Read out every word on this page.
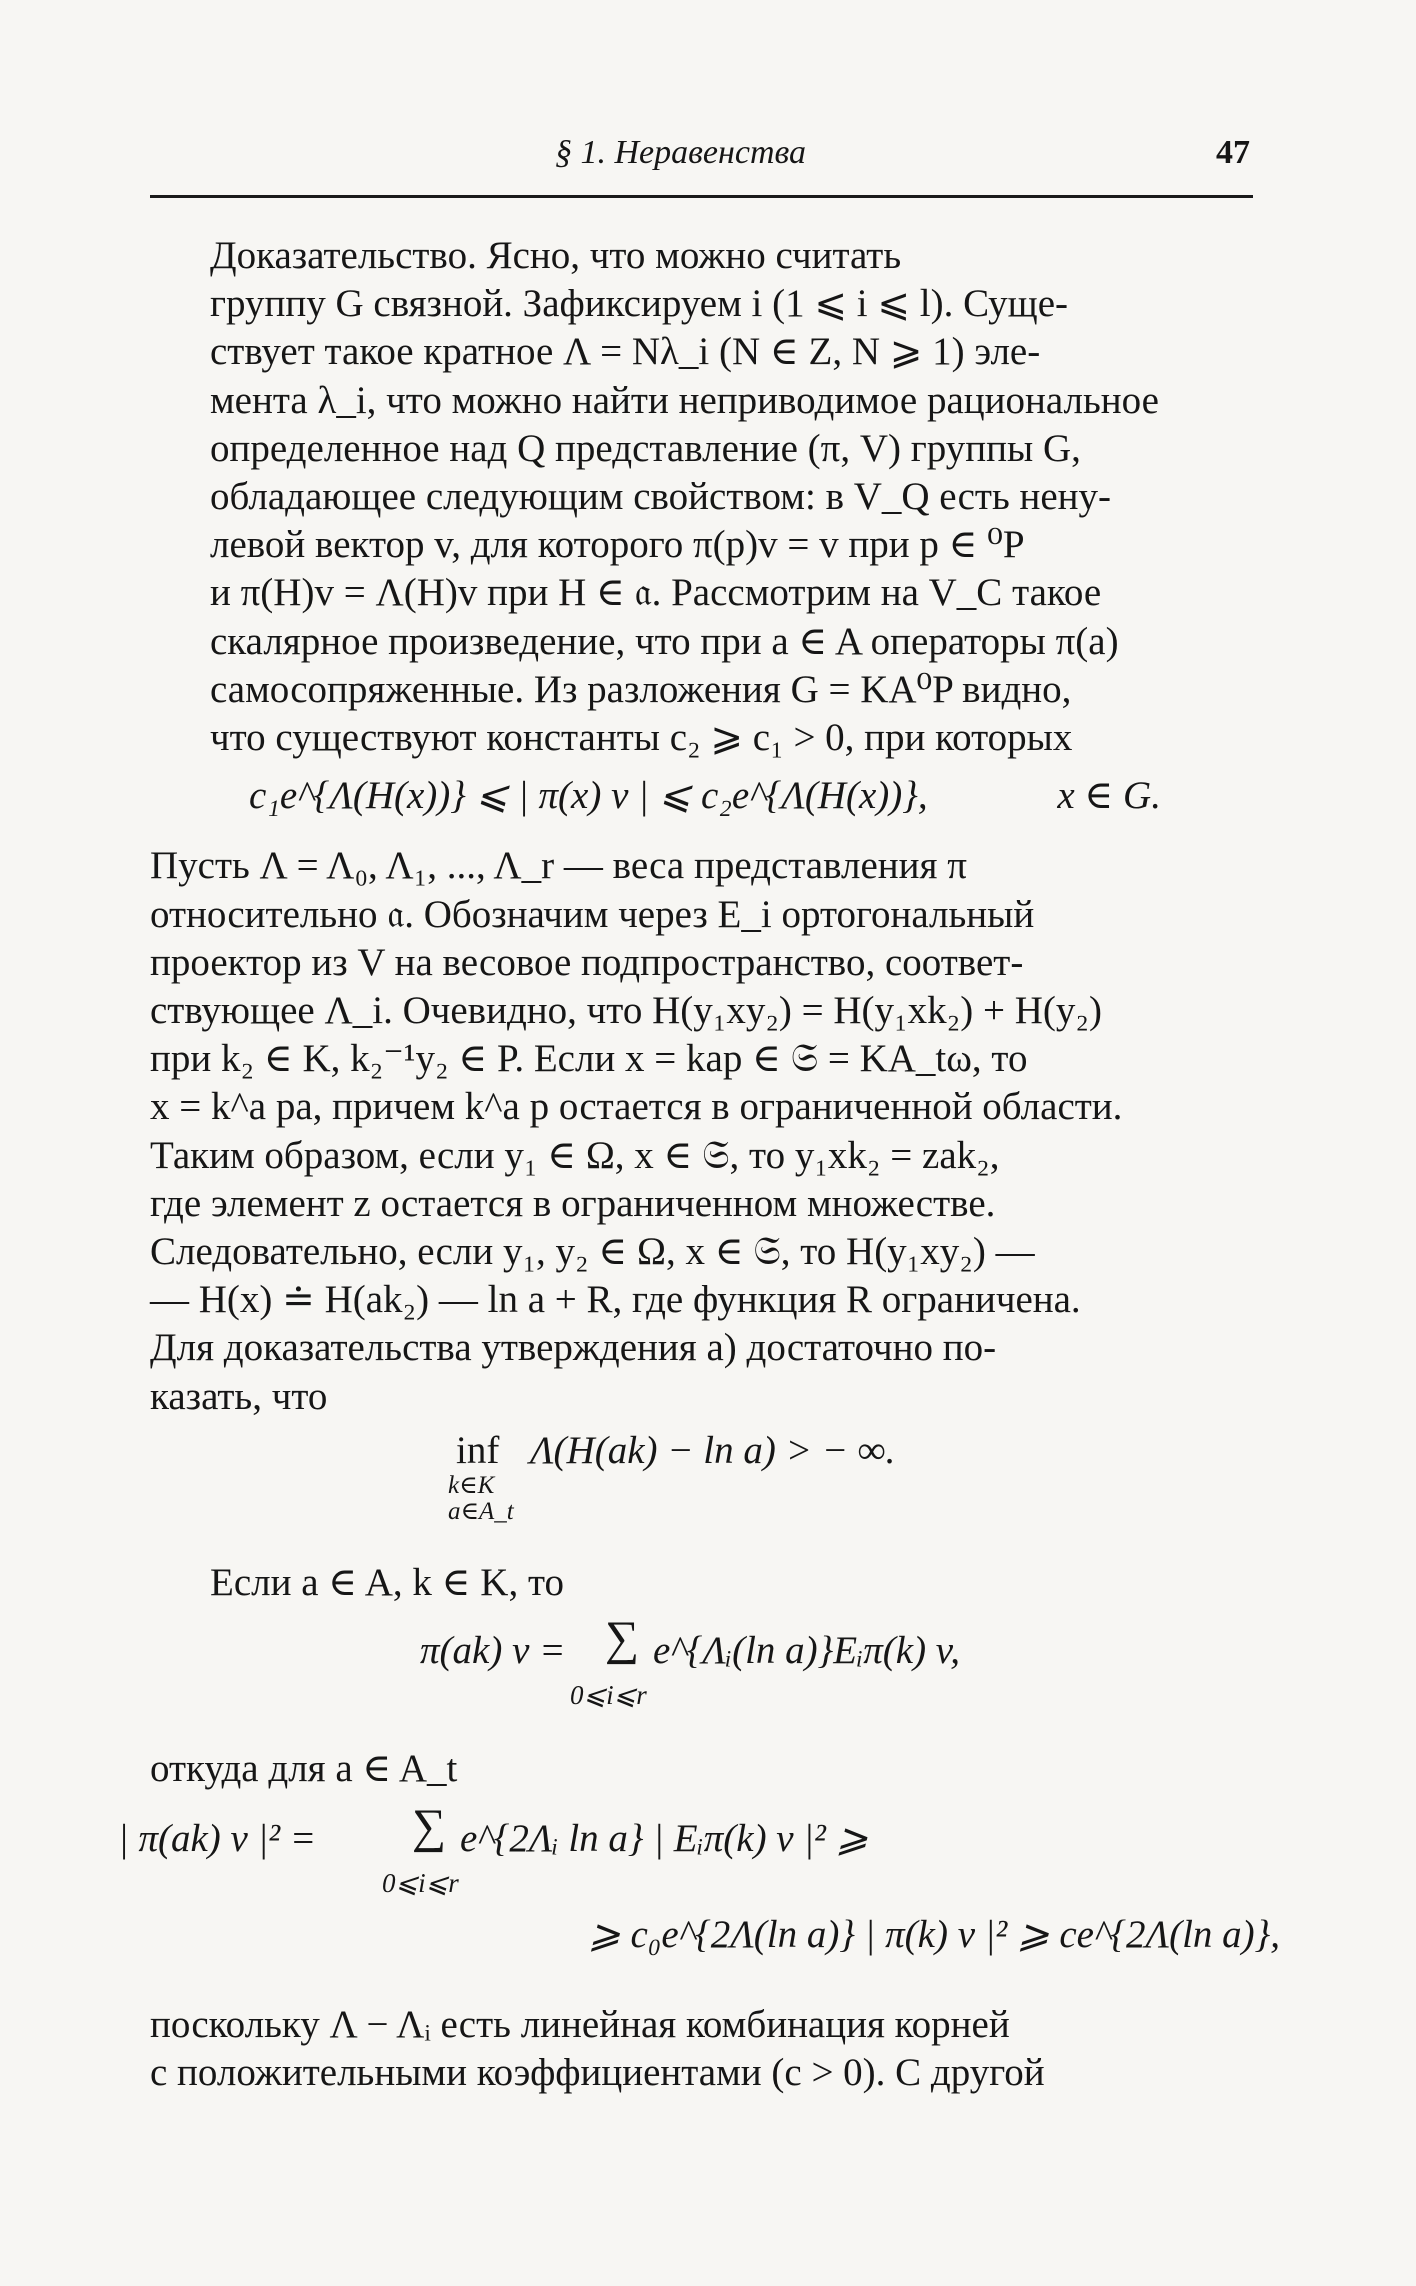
§ 1. Неравенства	47
Доказательство. Ясно, что можно считать
группу G связной. Зафиксируем i (1 ⩽ i ⩽ l). Суще-
ствует такое кратное Λ = Nλ_i (N ∈ Z, N ⩾ 1) эле-
мента λ_i, что можно найти неприводимое рациональное
определенное над Q представление (π, V) группы G,
обладающее следующим свойством: в V_Q есть нену-
левой вектор v, для которого π(p)v = v при p ∈ ⁰P
и π(H)v = Λ(H)v при H ∈ 𝔞. Рассмотрим на V_C такое
скалярное произведение, что при a ∈ A операторы π(a)
самосопряженные. Из разложения G = KA⁰P видно,
что существуют константы c₂ ⩾ c₁ > 0, при которых
c₁e^{Λ(H(x))} ⩽ | π(x) v | ⩽ c₂e^{Λ(H(x))},	x ∈ G.
Пусть Λ = Λ₀, Λ₁, ..., Λ_r — веса представления π
относительно 𝔞. Обозначим через E_i ортогональный
проектор из V на весовое подпространство, соответ-
ствующее Λ_i. Очевидно, что H(y₁xy₂) = H(y₁xk₂) + H(y₂)
при k₂ ∈ K, k₂⁻¹y₂ ∈ P. Если x = kap ∈ 𝔖 = KA_tω, то
x = k^a pa, причем k^a p остается в ограниченной области.
Таким образом, если y₁ ∈ Ω, x ∈ 𝔖, то y₁xk₂ = zak₂,
где элемент z остается в ограниченном множестве.
Следовательно, если y₁, y₂ ∈ Ω, x ∈ 𝔖, то H(y₁xy₂) —
— H(x) ≐ H(ak₂) — ln a + R, где функция R ограничена.
Для доказательства утверждения а) достаточно по-
казать, что
inf
k∈K
a∈A_t
Λ(H(ak) − ln a) > − ∞.
Если a ∈ A, k ∈ K, то
π(ak) v = ∑
0⩽i⩽r
e^{Λᵢ(ln a)}Eᵢπ(k) v,
откуда для a ∈ A_t
| π(ak) v |² = ∑
0⩽i⩽r
e^{2Λᵢ ln a} | Eᵢπ(k) v |² ⩾
⩾ c₀e^{2Λ(ln a)} | π(k) v |² ⩾ ce^{2Λ(ln a)},
поскольку Λ − Λᵢ есть линейная комбинация корней
с положительными коэффициентами (c > 0). С другой
